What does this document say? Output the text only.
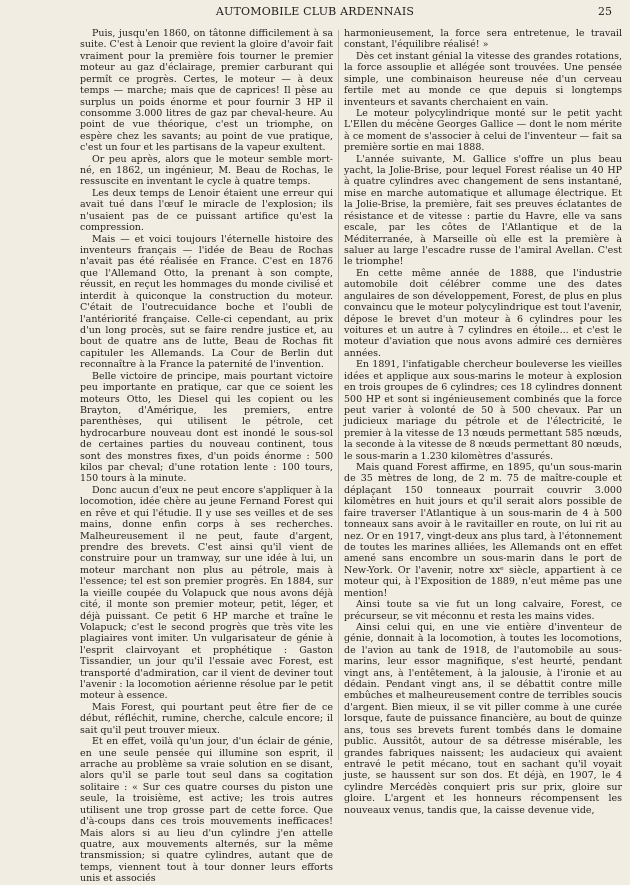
AUTOMOBILE CLUB ARDENNAIS	25

Puis, jusqu'en 1860, on tâtonne difficilement à sa suite. C'est à Lenoir que revient la gloire d'avoir fait vraiment pour la première fois tourner le premier moteur au gaz d'éclairage, premier carburant qui permît ce progrès. Certes, le moteur — à deux temps — marche; mais que de caprices! Il pèse au surplus un poids énorme et pour fournir 3 HP il consomme 3.000 litres de gaz par cheval-heure. Au point de vue théorique, c'est un triomphe, on espère chez les savants; au point de vue pratique, c'est un four et les partisans de la vapeur exultent.

Or peu après, alors que le moteur semble mort-né, en 1862, un ingénieur, M. Beau de Rochas, le ressuscite en inventant le cycle à quatre temps.

Les deux temps de Lenoir étaient une erreur qui avait tué dans l'œuf le miracle de l'explosion; ils n'usaient pas de ce puissant artifice qu'est la compression.

Mais — et voici toujours l'éternelle histoire des inventeurs français — l'idée de Beau de Rochas n'avait pas été réalisée en France. C'est en 1876 que l'Allemand Otto, la prenant à son compte, réussit, en reçut les hommages du monde civilisé et interdit à quiconque la construction du moteur. C'était de l'outrecuidance boche et l'oubli de l'antériorité française. Celle-ci cependant, au prix d'un long procès, sut se faire rendre justice et, au bout de quatre ans de lutte, Beau de Rochas fit capituler les Allemands. La Cour de Berlin dut reconnaître à la France la paternité de l'invention.

Belle victoire de principe, mais pourtant victoire peu importante en pratique, car que ce soient les moteurs Otto, les Diesel qui les copient ou les Brayton, d'Amérique, les premiers, entre parenthèses, qui utilisent le pétrole, cet hydrocarbure nouveau dont est inondé le sous-sol de certaines parties du nouveau continent, tous sont des monstres fixes, d'un poids énorme : 500 kilos par cheval; d'une rotation lente : 100 tours, 150 tours à la minute.

Donc aucun d'eux ne peut encore s'appliquer à la locomotion, idée chère au jeune Fernand Forest qui en rêve et qui l'étudie. Il y use ses veilles et de ses mains, donne enfin corps à ses recherches. Malheureusement il ne peut, faute d'argent, prendre des brevets. C'est ainsi qu'il vient de construire pour un tramway, sur une idée à lui, un moteur marchant non plus au pétrole, mais à l'essence; tel est son premier progrès. En 1884, sur la vieille coupée du Volapuck que nous avons déjà cité, il monte son premier moteur, petit, léger, et déjà puissant. Ce petit 6 HP marche et traîne le Volapuck; c'est le second progrès que très vite les plagiaires vont imiter. Un vulgarisateur de génie à l'esprit clairvoyant et prophétique : Gaston Tissandier, un jour qu'il l'essaie avec Forest, est transporté d'admiration, car il vient de deviner tout l'avenir : la locomotion aérienne résolue par le petit moteur à essence.

Mais Forest, qui pourtant peut être fier de ce début, réfléchit, rumine, cherche, calcule encore; il sait qu'il peut trouver mieux.

Et en effet, voilà qu'un jour, d'un éclair de génie, en une seule pensée qui illumine son esprit, il arrache au problème sa vraie solution en se disant, alors qu'il se parle tout seul dans sa cogitation solitaire : « Sur ces quatre courses du piston une seule, la troisième, est active; les trois autres utilisent une trop grosse part de cette force. Que d'à-coups dans ces trois mouvements inefficaces! Mais alors si au lieu d'un cylindre j'en attelle quatre, aux mouvements alternés, sur la même transmission; si quatre cylindres, autant que de temps, viennent tout à tour donner leurs efforts unis et associés

harmonieusement, la force sera entretenue, le travail constant, l'équilibre réalisé! »

Dès cet instant génial la vitesse des grandes rotations, la force assouplie et allégée sont trouvées. Une pensée simple, une combinaison heureuse née d'un cerveau fertile met au monde ce que depuis si longtemps inventeurs et savants cherchaient en vain.

Le moteur polycylindrique monté sur le petit yacht L'Ellen du mécène Georges Gallice — dont le nom mérite à ce moment de s'associer à celui de l'inventeur — fait sa première sortie en mai 1888.

L'année suivante, M. Gallice s'offre un plus beau yacht, la Jolie-Brise, pour lequel Forest réalise un 40 HP à quatre cylindres avec changement de sens instantané, mise en marche automatique et allumage électrique. Et la Jolie-Brise, la première, fait ses preuves éclatantes de résistance et de vitesse : partie du Havre, elle va sans escale, par les côtes de l'Atlantique et de la Méditerranée, à Marseille où elle est la première à saluer au large l'escadre russe de l'amiral Avellan. C'est le triomphe!

En cette même année de 1888, que l'industrie automobile doit célébrer comme une des dates angulaires de son développement, Forest, de plus en plus convaincu que le moteur polycylindrique est tout l'avenir, dépose le brevet d'un moteur à 6 cylindres pour les voitures et un autre à 7 cylindres en étoile... et c'est le moteur d'aviation que nous avons admiré ces dernières années.

En 1891, l'infatigable chercheur bouleverse les vieilles idées et applique aux sous-marins le moteur à explosion en trois groupes de 6 cylindres; ces 18 cylindres donnent 500 HP et sont si ingénieusement combinés que la force peut varier à volonté de 50 à 500 chevaux. Par un judicieux mariage du pétrole et de l'électricité, le premier à la vitesse de 13 nœuds permettant 585 nœuds, la seconde à la vitesse de 8 nœuds permettant 80 nœuds, le sous-marin a 1.230 kilomètres d'assurés.

Mais quand Forest affirme, en 1895, qu'un sous-marin de 35 mètres de long, de 2 m. 75 de maître-couple et déplaçant 150 tonneaux pourrait couvrir 3.000 kilomètres en huit jours et qu'il serait alors possible de faire traverser l'Atlantique à un sous-marin de 4 à 500 tonneaux sans avoir à le ravitailler en route, on lui rit au nez. Or en 1917, vingt-deux ans plus tard, à l'étonnement de toutes les marines alliées, les Allemands ont en effet amené sans encombre un sous-marin dans le port de New-York. Or l'avenir, notre xxᵉ siècle, appartient à ce moteur qui, à l'Exposition de 1889, n'eut même pas une mention!

Ainsi toute sa vie fut un long calvaire, Forest, ce précurseur, se vit méconnu et resta les mains vides.

Ainsi celui qui, en une vie entière d'inventeur de génie, donnait à la locomotion, à toutes les locomotions, de l'avion au tank de 1918, de l'automobile au sous-marins, leur essor magnifique, s'est heurté, pendant vingt ans, à l'entêtement, à la jalousie, à l'ironie et au dédain. Pendant vingt ans, il se débattit contre mille embûches et malheureusement contre de terribles soucis d'argent. Bien mieux, il se vit piller comme à une curée lorsque, faute de puissance financière, au bout de quinze ans, tous ses brevets furent tombés dans le domaine public. Aussitôt, autour de sa détresse misérable, les grandes fabriques naissent; les audacieux qui avaient entravé le petit mécano, tout en sachant qu'il voyait juste, se haussent sur son dos. Et déjà, en 1907, le 4 cylindre Mercédès conquiert pris sur prix, gloire sur gloire. L'argent et les honneurs récompensent les nouveaux venus, tandis que, la caisse devenue vide,
